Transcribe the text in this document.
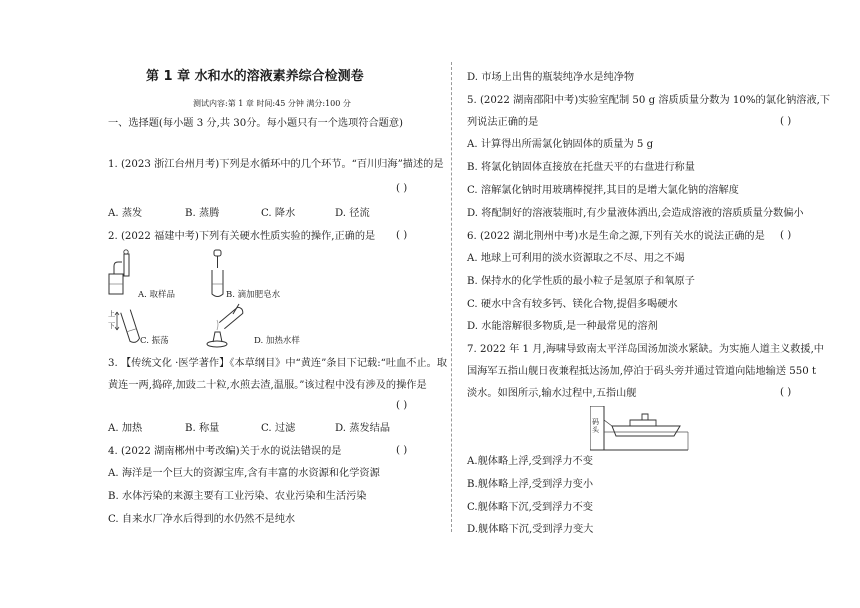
第 1 章 水和水的溶液素养综合检测卷
测试内容:第 1 章 时间:45 分钟 满分:100 分
一、选择题(每小题 3 分,共 30分。每小题只有一个选项符合题意)
1. (2023 浙江台州月考)下列是水循环中的几个环节。“百川归海”描述的是
( )
A. 蒸发	B. 蒸腾	C. 降水	D. 径流
2. (2022 福建中考)下列有关硬水性质实验的操作,正确的是 ( )
A. 取样品	B. 滴加肥皂水
上
下
C. 振荡	D. 加热水样
3. 【传统文化 ·医学著作】《本草纲目》中“黄连”条目下记载:“吐血不止。取
黄连一两,捣碎,加豉二十粒,水煎去渣,温服。”该过程中没有涉及的操作是
( )
A. 加热	B. 称量	C. 过滤	D. 蒸发结晶
4. (2022 湖南郴州中考改编)关于水的说法错误的是	( )
A. 海洋是一个巨大的资源宝库,含有丰富的水资源和化学资源
B. 水体污染的来源主要有工业污染、农业污染和生活污染
C. 自来水厂净水后得到的水仍然不是纯水
D. 市场上出售的瓶装纯净水是纯净物
5. (2022 湖南邵阳中考)实验室配制 50 g 溶质质量分数为 10%的氯化钠溶液,下
列说法正确的是	( )
A. 计算得出所需氯化钠固体的质量为 5 g
B. 将氯化钠固体直接放在托盘天平的右盘进行称量
C. 溶解氯化钠时用玻璃棒搅拌,其目的是增大氯化钠的溶解度
D. 将配制好的溶液装瓶时,有少量液体洒出,会造成溶液的溶质质量分数偏小
6. (2022 湖北荆州中考)水是生命之源,下列有关水的说法正确的是 ( )
A. 地球上可利用的淡水资源取之不尽、用之不竭
B. 保持水的化学性质的最小粒子是氢原子和氧原子
C. 硬水中含有较多钙、镁化合物,提倡多喝硬水
D. 水能溶解很多物质,是一种最常见的溶剂
7. 2022 年 1 月,海啸导致南太平洋岛国汤加淡水紧缺。为实施人道主义救援,中
国海军五指山舰日夜兼程抵达汤加,停泊于码头旁并通过管道向陆地输送 550 t
淡水。如图所示,输水过程中,五指山舰	( )
码头
A.舰体略上浮,受到浮力不变
B.舰体略上浮,受到浮力变小
C.舰体略下沉,受到浮力不变
D.舰体略下沉,受到浮力变大
